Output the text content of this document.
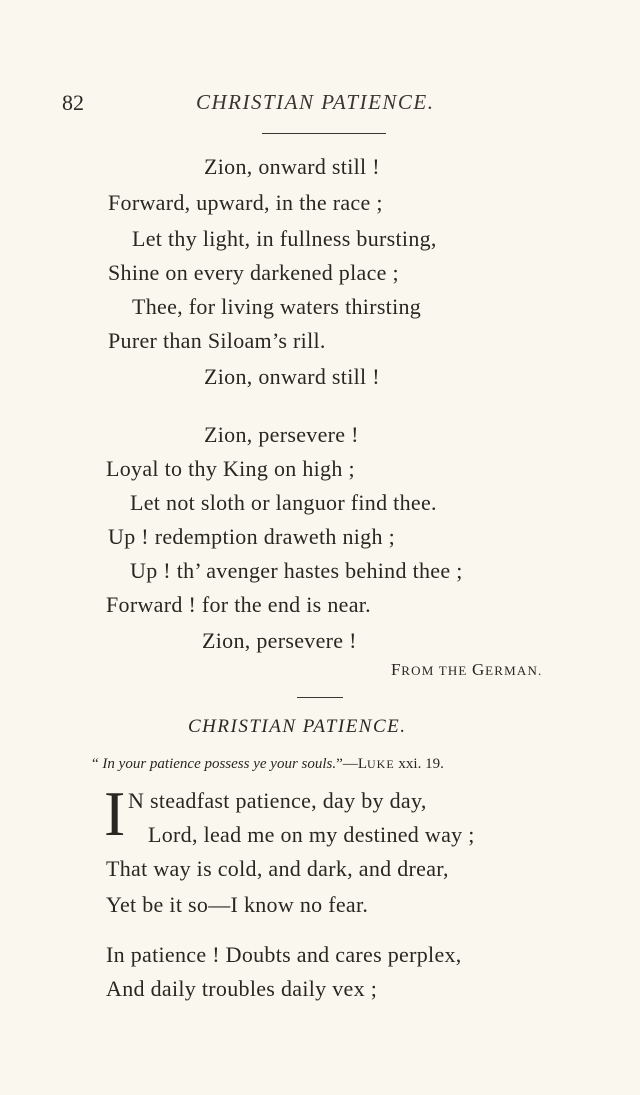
82	CHRISTIAN PATIENCE.
Zion, onward still !
Forward, upward, in the race ;
Let thy light, in fullness bursting,
Shine on every darkened place ;
Thee, for living waters thirsting
Purer than Siloam’s rill.
Zion, onward still !
Zion, persevere !
Loyal to thy King on high ;
Let not sloth or languor find thee.
Up ! redemption draweth nigh ;
Up ! th’ avenger hastes behind thee ;
Forward ! for the end is near.
Zion, persevere !
FROM THE GERMAN.
CHRISTIAN PATIENCE.
“ In your patience possess ye your souls.”—LUKE xxi. 19.
I N steadfast patience, day by day,
Lord, lead me on my destined way ;
That way is cold, and dark, and drear,
Yet be it so—I know no fear.
In patience ! Doubts and cares perplex,
And daily troubles daily vex ;
